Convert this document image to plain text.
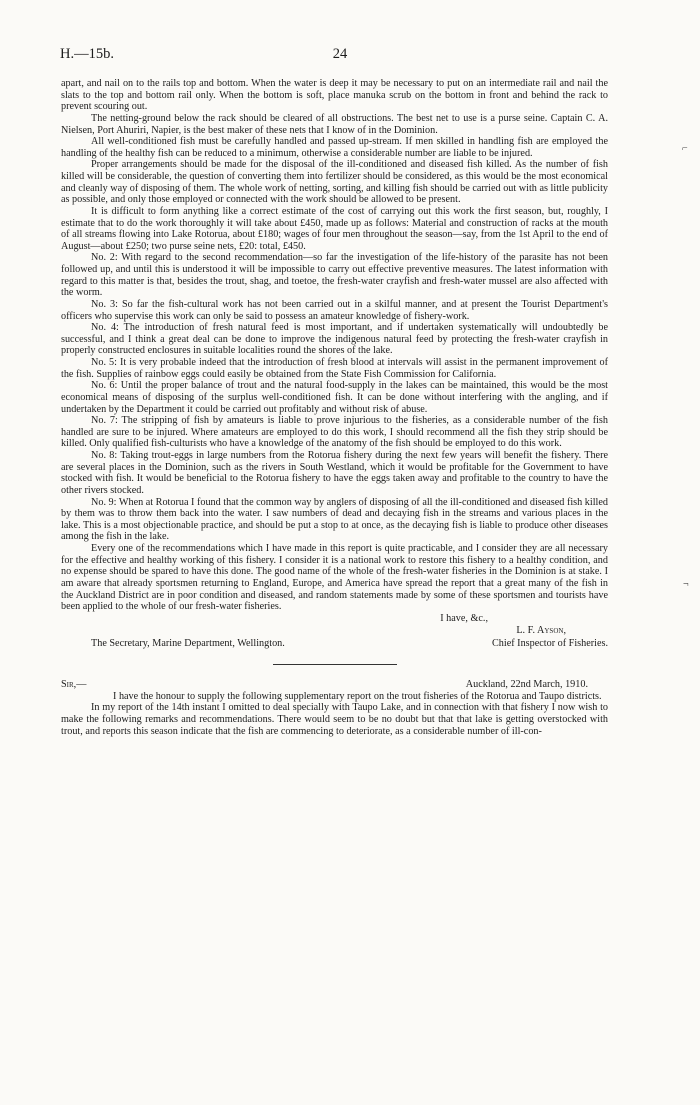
H.—15b.	24

apart, and nail on to the rails top and bottom. When the water is deep it may be necessary to put on an intermediate rail and nail the slats to the top and bottom rail only. When the bottom is soft, place manuka scrub on the bottom in front and behind the rack to prevent scouring out.

The netting-ground below the rack should be cleared of all obstructions. The best net to use is a purse seine. Captain C. A. Nielsen, Port Ahuriri, Napier, is the best maker of these nets that I know of in the Dominion.

All well-conditioned fish must be carefully handled and passed up-stream. If men skilled in handling fish are employed the handling of the healthy fish can be reduced to a minimum, otherwise a considerable number are liable to be injured.

Proper arrangements should be made for the disposal of the ill-conditioned and diseased fish killed. As the number of fish killed will be considerable, the question of converting them into fertilizer should be considered, as this would be the most economical and cleanly way of disposing of them. The whole work of netting, sorting, and killing fish should be carried out with as little publicity as possible, and only those employed or connected with the work should be allowed to be present.

It is difficult to form anything like a correct estimate of the cost of carrying out this work the first season, but, roughly, I estimate that to do the work thoroughly it will take about £450, made up as follows: Material and construction of racks at the mouth of all streams flowing into Lake Rotorua, about £180; wages of four men throughout the season—say, from the 1st April to the end of August—about £250; two purse seine nets, £20: total, £450.

No. 2: With regard to the second recommendation—so far the investigation of the life-history of the parasite has not been followed up, and until this is understood it will be impossible to carry out effective preventive measures. The latest information with regard to this matter is that, besides the trout, shag, and toetoe, the fresh-water crayfish and fresh-water mussel are also affected with the worm.

No. 3: So far the fish-cultural work has not been carried out in a skilful manner, and at present the Tourist Department's officers who supervise this work can only be said to possess an amateur knowledge of fishery-work.

No. 4: The introduction of fresh natural feed is most important, and if undertaken systematically will undoubtedly be successful, and I think a great deal can be done to improve the indigenous natural feed by protecting the fresh-water crayfish in properly constructed enclosures in suitable localities round the shores of the lake.

No. 5: It is very probable indeed that the introduction of fresh blood at intervals will assist in the permanent improvement of the fish. Supplies of rainbow eggs could easily be obtained from the State Fish Commission for California.

No. 6: Until the proper balance of trout and the natural food-supply in the lakes can be maintained, this would be the most economical means of disposing of the surplus well-conditioned fish. It can be done without interfering with the angling, and if undertaken by the Department it could be carried out profitably and without risk of abuse.

No. 7: The stripping of fish by amateurs is liable to prove injurious to the fisheries, as a considerable number of the fish handled are sure to be injured. Where amateurs are employed to do this work, I should recommend all the fish they strip should be killed. Only qualified fish-culturists who have a knowledge of the anatomy of the fish should be employed to do this work.

No. 8: Taking trout-eggs in large numbers from the Rotorua fishery during the next few years will benefit the fishery. There are several places in the Dominion, such as the rivers in South Westland, which it would be profitable for the Government to have stocked with fish. It would be beneficial to the Rotorua fishery to have the eggs taken away and profitable to the country to have the other rivers stocked.

No. 9: When at Rotorua I found that the common way by anglers of disposing of all the ill-conditioned and diseased fish killed by them was to throw them back into the water. I saw numbers of dead and decaying fish in the streams and various places in the lake. This is a most objectionable practice, and should be put a stop to at once, as the decaying fish is liable to produce other diseases among the fish in the lake.

Every one of the recommendations which I have made in this report is quite practicable, and I consider they are all necessary for the effective and healthy working of this fishery. I consider it is a national work to restore this fishery to a healthy condition, and no expense should be spared to have this done. The good name of the whole of the fresh-water fisheries in the Dominion is at stake. I am aware that already sportsmen returning to England, Europe, and America have spread the report that a great many of the fish in the Auckland District are in poor condition and diseased, and random statements made by some of these sportsmen and tourists have been applied to the whole of our fresh-water fisheries.

I have, &c.,
L. F. Ayson,
The Secretary, Marine Department, Wellington.	Chief Inspector of Fisheries.
Sir,—	Auckland, 22nd March, 1910.

I have the honour to supply the following supplementary report on the trout fisheries of the Rotorua and Taupo districts.

In my report of the 14th instant I omitted to deal specially with Taupo Lake, and in connection with that fishery I now wish to make the following remarks and recommendations. There would seem to be no doubt but that that lake is getting overstocked with trout, and reports this season indicate that the fish are commencing to deteriorate, as a considerable number of ill-con-

⌐
¬
